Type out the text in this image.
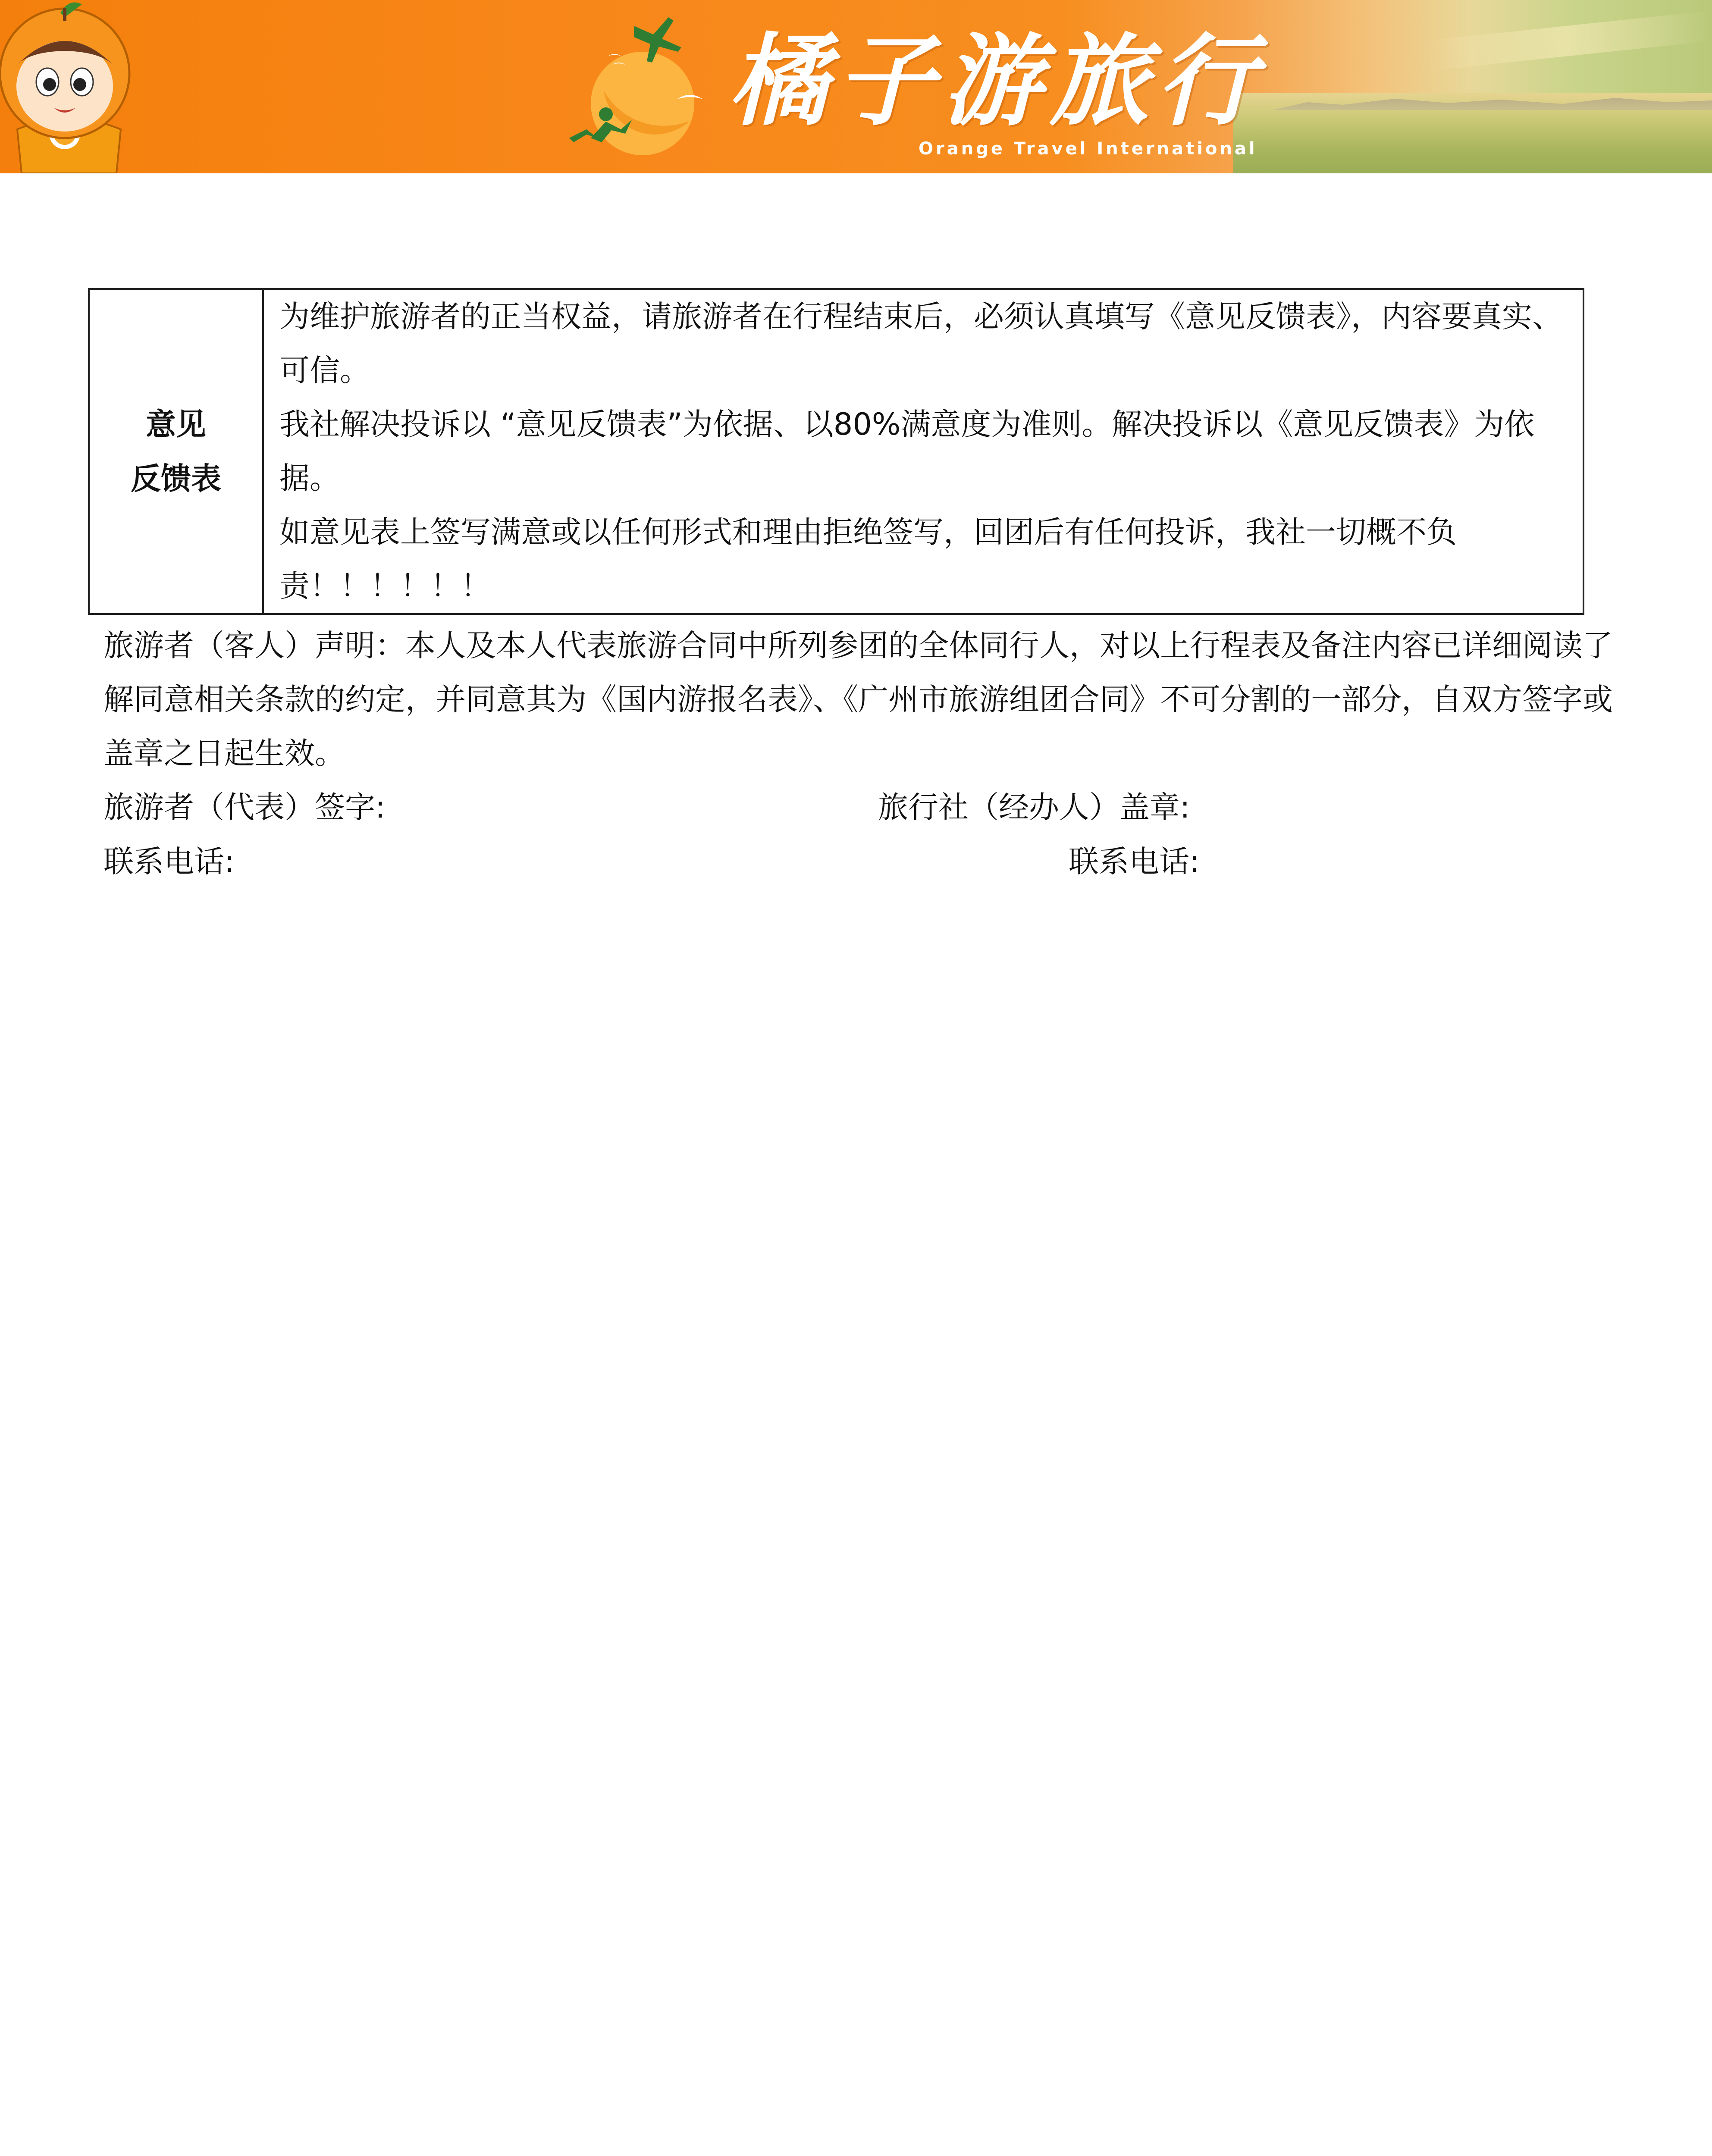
橘子游旅行
Orange Travel International
意见
反馈表

为维护旅游者的正当权益，请旅游者在行程结束后，必须认真填写《意见反馈表》，内容要真实、可信。

我社解决投诉以 “意见反馈表”为依据、以80%满意度为准则。解决投诉以《意见反馈表》为依据。

如意见表上签写满意或以任何形式和理由拒绝签写，回团后有任何投诉，我社一切概不负责！！！！！！

旅游者（客人）声明：本人及本人代表旅游合同中所列参团的全体同行人，对以上行程表及备注内容已详细阅读了解同意相关条款的约定，并同意其为《国内游报名表》、《广州市旅游组团合同》不可分割的一部分，自双方签字或盖章之日起生效。

旅游者（代表）签字:	旅行社（经办人）盖章:
联系电话:	联系电话:
